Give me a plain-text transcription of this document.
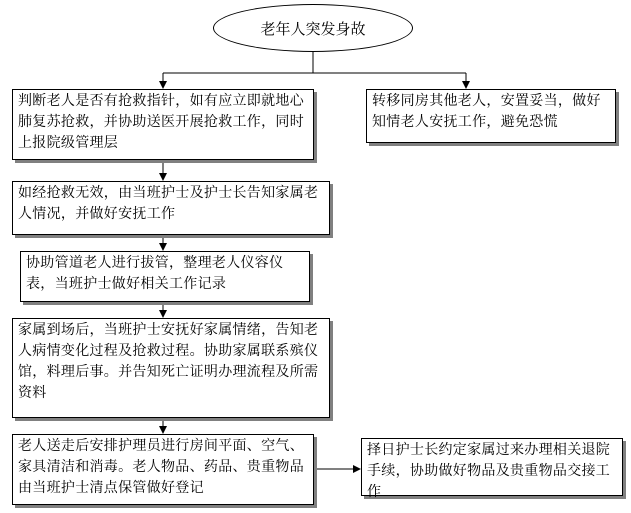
老年人突发身故
判断老人是否有抢救指针，如有应立即就地心肺复苏抢救，并协助送医开展抢救工作，同时上报院级管理层
转移同房其他老人，安置妥当，做好知情老人安抚工作，避免恐慌
如经抢救无效，由当班护士及护士长告知家属老人情况，并做好安抚工作
协助管道老人进行拔管，整理老人仪容仪表，当班护士做好相关工作记录
家属到场后，当班护士安抚好家属情绪，告知老人病情变化过程及抢救过程。协助家属联系殡仪馆，料理后事。并告知死亡证明办理流程及所需资料
老人送走后安排护理员进行房间平面、空气、家具清洁和消毒。老人物品、药品、贵重物品由当班护士清点保管做好登记
择日护士长约定家属过来办理相关退院手续，协助做好物品及贵重物品交接工作
